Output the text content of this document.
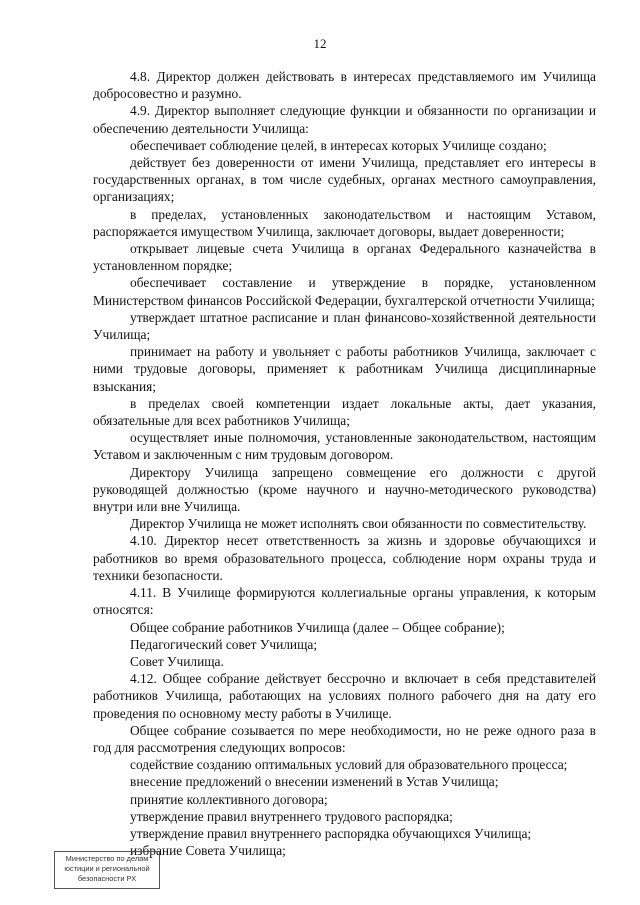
12

4.8. Директор должен действовать в интересах представляемого им Училища добросовестно и разумно.

4.9. Директор выполняет следующие функции и обязанности по организации и обеспечению деятельности Училища:

обеспечивает соблюдение целей, в интересах которых Училище создано;

действует без доверенности от имени Училища, представляет его интересы в государственных органах, в том числе судебных, органах местного самоуправления, организациях;

в пределах, установленных законодательством и настоящим Уставом, распоряжается имуществом Училища, заключает договоры, выдает доверенности;

открывает лицевые счета Училища в органах Федерального казначейства в установленном порядке;

обеспечивает составление и утверждение в порядке, установленном Министерством финансов Российской Федерации, бухгалтерской отчетности Училища;

утверждает штатное расписание и план финансово-хозяйственной деятельности Училища;

принимает на работу и увольняет с работы работников Училища, заключает с ними трудовые договоры, применяет к работникам Училища дисциплинарные взыскания;

в пределах своей компетенции издает локальные акты, дает указания, обязательные для всех работников Училища;

осуществляет иные полномочия, установленные законодательством, настоящим Уставом и заключенным с ним трудовым договором.

Директору Училища запрещено совмещение его должности с другой руководящей должностью (кроме научного и научно-методического руководства) внутри или вне Училища.

Директор Училища не может исполнять свои обязанности по совместительству.

4.10. Директор несет ответственность за жизнь и здоровье обучающихся и работников во время образовательного процесса, соблюдение норм охраны труда и техники безопасности.

4.11. В Училище формируются коллегиальные органы управления, к которым относятся:

Общее собрание работников Училища (далее – Общее собрание);

Педагогический совет Училища;

Совет Училища.

4.12. Общее собрание действует бессрочно и включает в себя представителей работников Училища, работающих на условиях полного рабочего дня на дату его проведения по основному месту работы в Училище.

Общее собрание созывается по мере необходимости, но не реже одного раза в год для рассмотрения следующих вопросов:

содействие созданию оптимальных условий для образовательного процесса;

внесение предложений о внесении изменений в Устав Училища;

принятие коллективного договора;

утверждение правил внутреннего трудового распорядка;

утверждение правил внутреннего распорядка обучающихся Училища;

избрание Совета Училища;

Министерство по делам
юстиции и региональной
безопасности РХ
